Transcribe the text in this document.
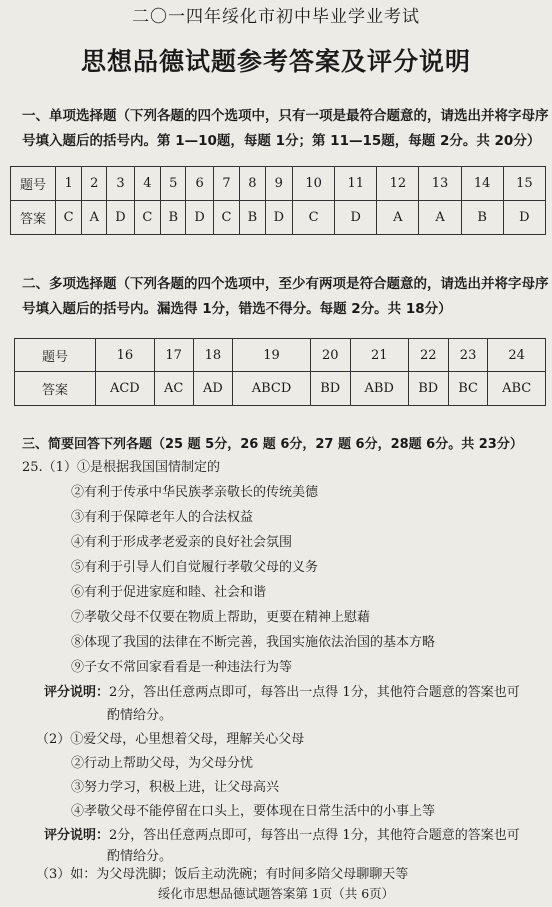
二〇一四年绥化市初中毕业学业考试
思想品德试题参考答案及评分说明
一、单项选择题（下列各题的四个选项中，只有一项是最符合题意的，请选出并将字母序
号填入题后的括号内。第 1—10题，每题 1分；第 11—15题，每题 2分。共 20分）
题号	1	2	3	4	5	6	7	8	9	10	11	12	13	14	15
答案	C	A	D	C	B	D	C	B	D	C	D	A	A	B	D
二、多项选择题（下列各题的四个选项中，至少有两项是符合题意的，请选出并将字母序
号填入题后的括号内。漏选得 1分，错选不得分。每题 2分。共 18分）
题号	16	17	18	19	20	21	22	23	24
答案	ACD	AC	AD	ABCD	BD	ABD	BD	BC	ABC
三、简要回答下列各题（25 题 5分，26 题 6分，27 题 6分，28题 6分。共 23分）
25.（1）①是根据我国国情制定的
②有利于传承中华民族孝亲敬长的传统美德
③有利于保障老年人的合法权益
④有利于形成孝老爱亲的良好社会氛围
⑤有利于引导人们自觉履行孝敬父母的义务
⑥有利于促进家庭和睦、社会和谐
⑦孝敬父母不仅要在物质上帮助，更要在精神上慰藉
⑧体现了我国的法律在不断完善，我国实施依法治国的基本方略
⑨子女不常回家看看是一种违法行为等
评分说明：2分，答出任意两点即可，每答出一点得 1分，其他符合题意的答案也可
酌情给分。
（2）①爱父母，心里想着父母，理解关心父母
②行动上帮助父母，为父母分忧
③努力学习，积极上进，让父母高兴
④孝敬父母不能停留在口头上，要体现在日常生活中的小事上等
评分说明：2分，答出任意两点即可，每答出一点得 1分，其他符合题意的答案也可
酌情给分。
（3）如：为父母洗脚；饭后主动洗碗；有时间多陪父母聊聊天等
绥化市思想品德试题答案第 1页（共 6页）
